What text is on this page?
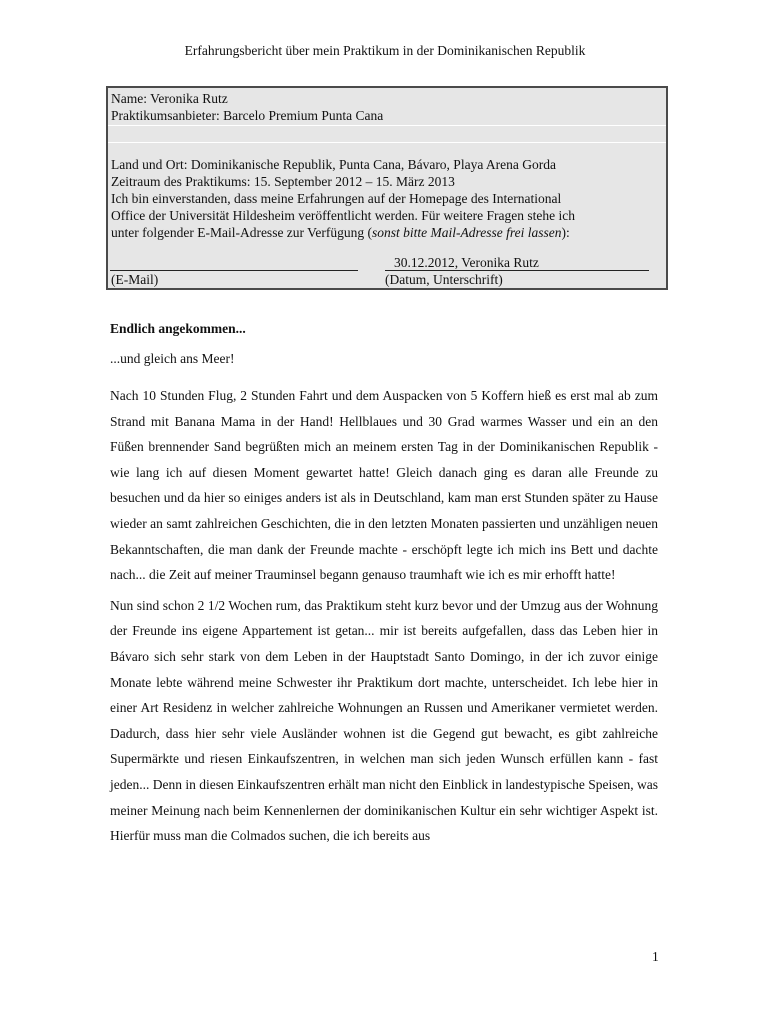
Erfahrungsbericht über mein Praktikum in der Dominikanischen Republik
Name: Veronika Rutz
Praktikumsanbieter: Barcelo Premium Punta Cana
Land und Ort: Dominikanische Republik, Punta Cana, Bávaro, Playa Arena Gorda
Zeitraum des Praktikums: 15. September 2012 – 15. März 2013
Ich bin einverstanden, dass meine Erfahrungen auf der Homepage des International
Office der Universität Hildesheim veröffentlicht werden. Für weitere Fragen stehe ich
unter folgender E-Mail-Adresse zur Verfügung (sonst bitte Mail-Adresse frei lassen):
(E-Mail)
30.12.2012, Veronika Rutz
(Datum, Unterschrift)
Endlich angekommen...
...und gleich ans Meer!

Nach 10 Stunden Flug, 2 Stunden Fahrt und dem Auspacken von 5 Koffern hieß es erst mal ab zum Strand mit Banana Mama in der Hand! Hellblaues und 30 Grad warmes Wasser und ein an den Füßen brennender Sand begrüßten mich an meinem ersten Tag in der Dominikanischen Republik - wie lang ich auf diesen Moment gewartet hatte! Gleich danach ging es daran alle Freunde zu besuchen und da hier so einiges anders ist als in Deutschland, kam man erst Stunden später zu Hause wieder an samt zahlreichen Geschichten, die in den letzten Monaten passierten und unzähligen neuen Bekanntschaften, die man dank der Freunde machte - erschöpft legte ich mich ins Bett und dachte nach... die Zeit auf meiner Trauminsel begann genauso traumhaft wie ich es mir erhofft hatte!

Nun sind schon 2 1/2 Wochen rum, das Praktikum steht kurz bevor und der Umzug aus der Wohnung der Freunde ins eigene Appartement ist getan... mir ist bereits aufgefallen, dass das Leben hier in Bávaro sich sehr stark von dem Leben in der Hauptstadt Santo Domingo, in der ich zuvor einige Monate lebte während meine Schwester ihr Praktikum dort machte, unterscheidet. Ich lebe hier in einer Art Residenz in welcher zahlreiche Wohnungen an Russen und Amerikaner vermietet werden. Dadurch, dass hier sehr viele Ausländer wohnen ist die Gegend gut bewacht, es gibt zahlreiche Supermärkte und riesen Einkaufszentren, in welchen man sich jeden Wunsch erfüllen kann - fast jeden... Denn in diesen Einkaufszentren erhält man nicht den Einblick in landestypische Speisen, was meiner Meinung nach beim Kennenlernen der dominikanischen Kultur ein sehr wichtiger Aspekt ist. Hierfür muss man die Colmados suchen, die ich bereits aus

1
